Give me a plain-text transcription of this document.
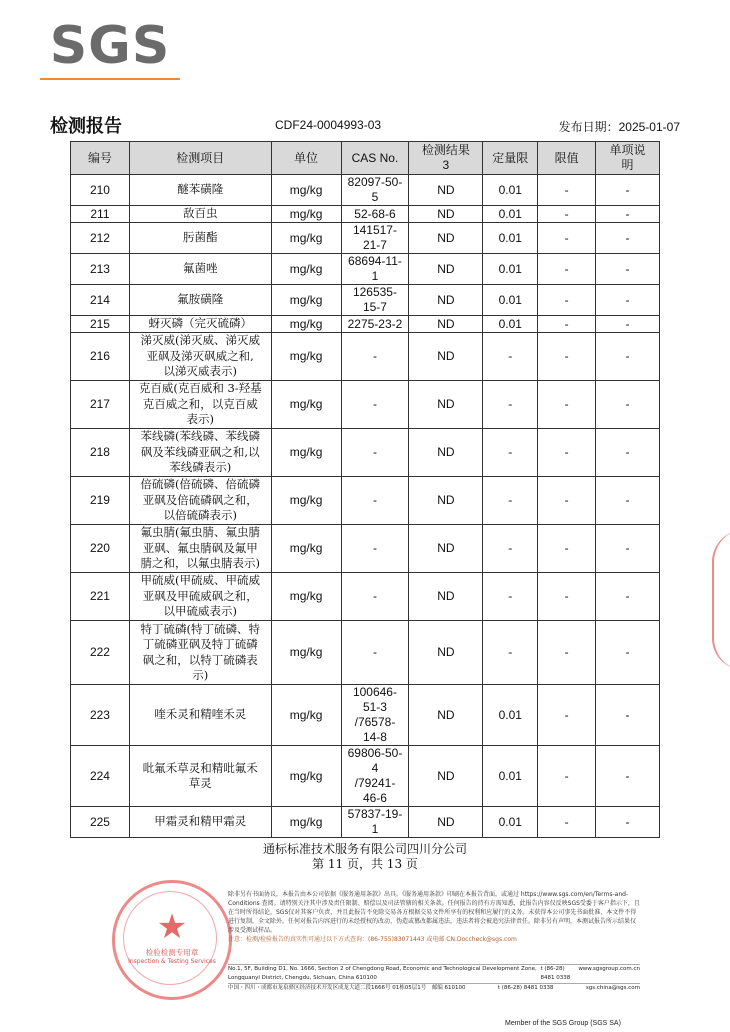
SGS
检测报告	CDF24-0004993-03	发布日期：2025-01-07
编号	检测项目	单位	CAS No.	检测结果
3	定量限	限值	单项说
明
210	醚苯磺隆	mg/kg	82097-50-
5	ND	0.01	-	-
211	敌百虫	mg/kg	52-68-6	ND	0.01	-	-
212	肟菌酯	mg/kg	141517-
21-7	ND	0.01	-	-
213	氟菌唑	mg/kg	68694-11-
1	ND	0.01	-	-
214	氟胺磺隆	mg/kg	126535-
15-7	ND	0.01	-	-
215	蚜灭磷（完灭硫磷）	mg/kg	2275-23-2	ND	0.01	-	-
216	涕灭威(涕灭威、涕灭威
亚砜及涕灭砜威之和,
以涕灭威表示)	mg/kg	-	ND	-	-	-
217	克百威(克百威和 3-羟基
克百威之和，以克百威
表示)	mg/kg	-	ND	-	-	-
218	苯线磷(苯线磷、苯线磷
砜及苯线磷亚砜之和,以
苯线磷表示)	mg/kg	-	ND	-	-	-
219	倍硫磷(倍硫磷、倍硫磷
亚砜及倍硫磷砜之和，
以倍硫磷表示)	mg/kg	-	ND	-	-	-
220	氟虫腈(氟虫腈、氟虫腈
亚砜、氟虫腈砜及氟甲
腈之和，以氟虫腈表示)	mg/kg	-	ND	-	-	-
221	甲硫威(甲硫威、甲硫威
亚砜及甲硫威砜之和，
以甲硫威表示)	mg/kg	-	ND	-	-	-
222	特丁硫磷(特丁硫磷、特
丁硫磷亚砜及特丁硫磷
砜之和，以特丁硫磷表
示)	mg/kg	-	ND	-	-	-
223	喹禾灵和精喹禾灵	mg/kg	100646-
51-3
/76578-
14-8	ND	0.01	-	-
224	吡氟禾草灵和精吡氟禾
草灵	mg/kg	69806-50-
4
/79241-
46-6	ND	0.01	-	-
225	甲霜灵和精甲霜灵	mg/kg	57837-19-
1	ND	0.01	-	-
通标标准技术服务有限公司四川分公司
第 11 页，共 13 页
★
检验检测专用章
Inspection & Testing Services
除非另有书面协议，本报告由本公司依据《服务通用条款》出具。《服务通用条款》印刷在本报告背面，或通过 https://www.sgs.com/en/Terms-and-Conditions 查阅。请特别关注其中涉及责任限制、赔偿以及司法管辖的相关条款。任何报告的持有方需知悉，此报告内容仅反映SGS受委于客户指示下，且在当时所得结论，SGS仅对其客户负责，并且此报告不免除交易各方根据交易文件所享有的权利和应履行的义务。未获得本公司事先书面批准，本文件不得进行复制，全文除外。任何对报告内容进行的未经授权的改动、伪造或篡改都属违法，违法者将会被追究法律责任。除非另有声明，本测试报告所示结果仅涉及受测试样品。
注意：检测/检验报告的真实性可通过以下方式查询：(86-755)83071443 或电邮 CN.Doccheck@sgs.com
No.1, 5F, Building D1, No. 1666, Section 2 of Chengdong Road, Economic and Technological Development Zone, Longquanyi District, Chengdu, Sichuan, China 610100
t (86-28) 8481 0338
www.sgsgroup.com.cn
中国・四川・成都市龙泉驿区经济技术开发区成龙大道二段1666号 01栋05层1号　邮编 610100	t (86-28) 8481 0338	sgs.china@sgs.com
Member of the SGS Group (SGS SA)
